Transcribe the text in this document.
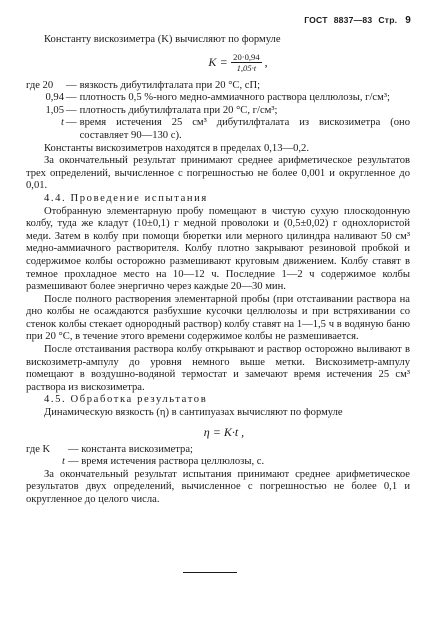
ГОСТ 8837—83 Стр. 9

Константу вискозиметра (K) вычисляют по формуле

$K = \frac{20\cdot 0,94}{1,05\cdot t}$ ,
где 20	— вязкость дибутилфталата при 20 °С, сП;
0,94 — плотность 0,5 %-ного медно-аммиачного раствора целлюлозы, г/см³;
1,05 — плотность дибутилфталата при 20 °С, г/см³;
t — время истечения 25 см³ дибутилфталата из вискозиметра (оно составляет 90—130 с).

Константы вискозиметров находятся в пределах 0,13—0,2.

За окончательный результат принимают среднее арифметическое результатов трех определений, вычисленное с погрешностью не более 0,001 и округленное до 0,01.

4.4. Проведение испытания

Отобранную элементарную пробу помещают в чистую сухую плоскодонную колбу, туда же кладут (10±0,1) г медной проволоки и (0,5±0,02) г однохлористой меди. Затем в колбу при помощи бюретки или мерного цилиндра наливают 50 см³ медно-аммиачного растворителя. Колбу плотно закрывают резиновой пробкой и содержимое колбы осторожно размешивают круговым движением. Колбу ставят в темное прохладное место на 10—12 ч. Последние 1—2 ч содержимое колбы размешивают более энергично через каждые 20—30 мин.

После полного растворения элементарной пробы (при отстаивании раствора на дно колбы не осаждаются разбухшие кусочки целлюлозы и при встряхивании со стенок колбы стекает однородный раствор) колбу ставят на 1—1,5 ч в водяную баню при 20 °С, в течение этого времени содержимое колбы не размешивается.

После отстаивания раствора колбу открывают и раствор осторожно выливают в вискозиметр-ампулу до уровня немного выше метки. Вискозиметр-ампулу помещают в воздушно-водяной термостат и замечают время истечения 25 см³ раствора из вискозиметра.

4.5. Обработка результатов

Динамическую вязкость (η) в сантипуазах вычисляют по формуле

η = K·t ,
где K	— константа вискозиметра;
t — время истечения раствора целлюлозы, с.

За окончательный результат испытания принимают среднее арифметическое результатов двух определений, вычисленное с погрешностью не более 0,1 и округленное до целого числа.
